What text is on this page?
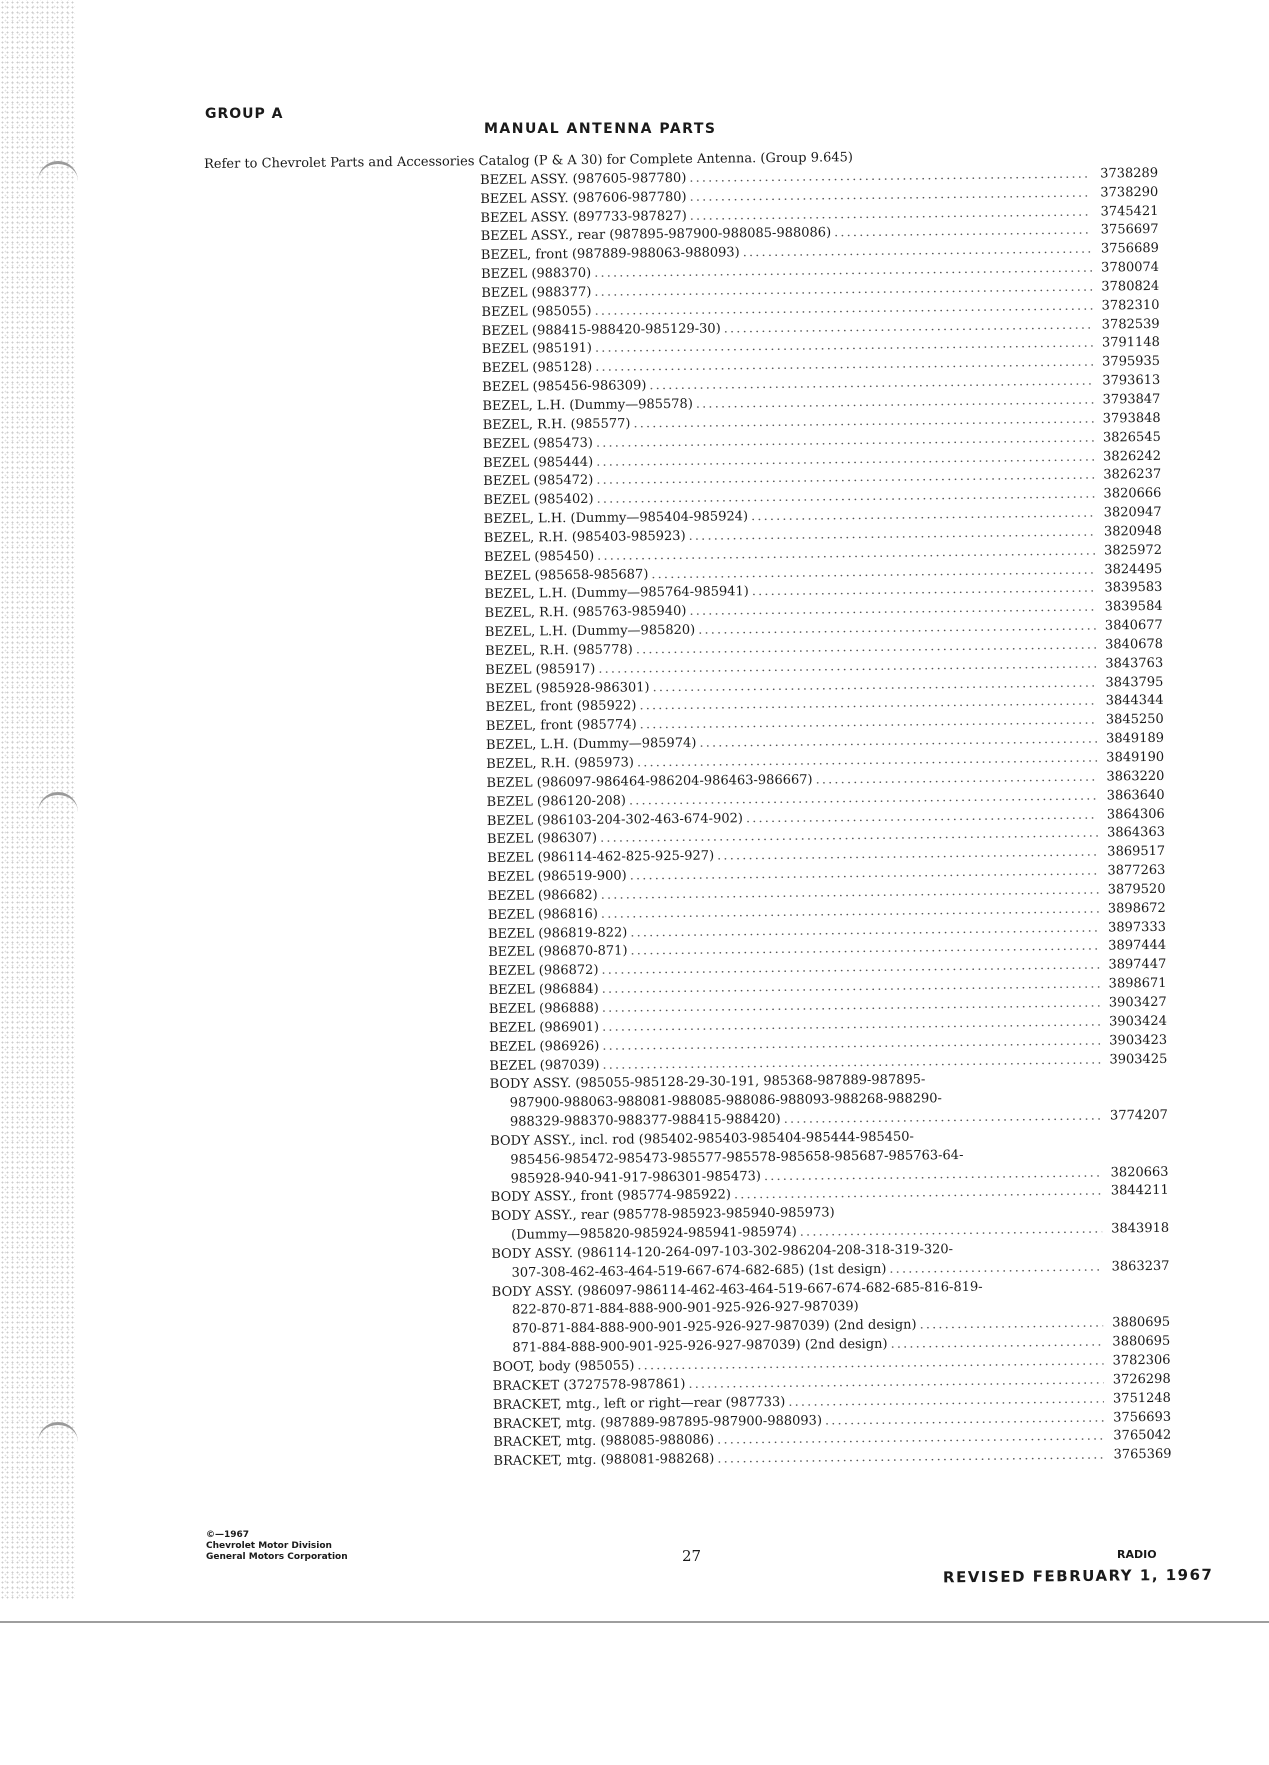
GROUP A
MANUAL ANTENNA PARTS
Refer to Chevrolet Parts and Accessories Catalog (P & A 30) for Complete Antenna. (Group 9.645)
BEZEL ASSY. (987605-987780) . . .	3738289
BEZEL ASSY. (987606-987780) . . .	3738290
BEZEL ASSY. (897733-987827) . . .	3745421
BEZEL ASSY., rear (987895-987900-988085-988086) . . .	3756697
BEZEL, front (987889-988063-988093) . . .	3756689
BEZEL (988370) . . .	3780074
BEZEL (988377) . . .	3780824
BEZEL (985055) . . .	3782310
BEZEL (988415-988420-985129-30) . . .	3782539
BEZEL (985191) . . .	3791148
BEZEL (985128) . . .	3795935
BEZEL (985456-986309) . . .	3793613
BEZEL, L.H. (Dummy—985578) . . .	3793847
BEZEL, R.H. (985577) . . .	3793848
BEZEL (985473) . . .	3826545
BEZEL (985444) . . .	3826242
BEZEL (985472) . . .	3826237
BEZEL (985402) . . .	3820666
BEZEL, L.H. (Dummy—985404-985924) . . .	3820947
BEZEL, R.H. (985403-985923) . . .	3820948
BEZEL (985450) . . .	3825972
BEZEL (985658-985687) . . .	3824495
BEZEL, L.H. (Dummy—985764-985941) . . .	3839583
BEZEL, R.H. (985763-985940) . . .	3839584
BEZEL, L.H. (Dummy—985820) . . .	3840677
BEZEL, R.H. (985778) . . .	3840678
BEZEL (985917) . . .	3843763
BEZEL (985928-986301) . . .	3843795
BEZEL, front (985922) . . .	3844344
BEZEL, front (985774) . . .	3845250
BEZEL, L.H. (Dummy—985974) . . .	3849189
BEZEL, R.H. (985973) . . .	3849190
BEZEL (986097-986464-986204-986463-986667) . . .	3863220
BEZEL (986120-208) . . .	3863640
BEZEL (986103-204-302-463-674-902) . . .	3864306
BEZEL (986307) . . .	3864363
BEZEL (986114-462-825-925-927) . . .	3869517
BEZEL (986519-900) . . .	3877263
BEZEL (986682) . . .	3879520
BEZEL (986816) . . .	3898672
BEZEL (986819-822) . . .	3897333
BEZEL (986870-871) . . .	3897444
BEZEL (986872) . . .	3897447
BEZEL (986884) . . .	3898671
BEZEL (986888) . . .	3903427
BEZEL (986901) . . .	3903424
BEZEL (986926) . . .	3903423
BEZEL (987039) . . .	3903425
BODY ASSY. (985055-985128-29-30-191, 985368-987889-987895-
987900-988063-988081-988085-988086-988093-988268-988290-
988329-988370-988377-988415-988420) . . .	3774207
BODY ASSY., incl. rod (985402-985403-985404-985444-985450-
985456-985472-985473-985577-985578-985658-985687-985763-64-
985928-940-941-917-986301-985473) . . .	3820663
BODY ASSY., front (985774-985922) . . .	3844211
BODY ASSY., rear (985778-985923-985940-985973)
(Dummy—985820-985924-985941-985974) . . .	3843918
BODY ASSY. (986114-120-264-097-103-302-986204-208-318-319-320-
307-308-462-463-464-519-667-674-682-685) (1st design) . . .	3863237
BODY ASSY. (986097-986114-462-463-464-519-667-674-682-685-816-819-
822-870-871-884-888-900-901-925-926-927-987039)
870-871-884-888-900-901-925-926-927-987039) (2nd design) . . .	3880695
871-884-888-900-901-925-926-927-987039) (2nd design) . . .	3880695
BOOT, body (985055) . . .	3782306
BRACKET (3727578-987861) . . .	3726298
BRACKET, mtg., left or right—rear (987733) . . .	3751248
BRACKET, mtg. (987889-987895-987900-988093) . . .	3756693
BRACKET, mtg. (988085-988086) . . .	3765042
BRACKET, mtg. (988081-988268) . . .	3765369
©—1967
Chevrolet Motor Division
General Motors Corporation	27	RADIO
REVISED FEBRUARY 1, 1967
